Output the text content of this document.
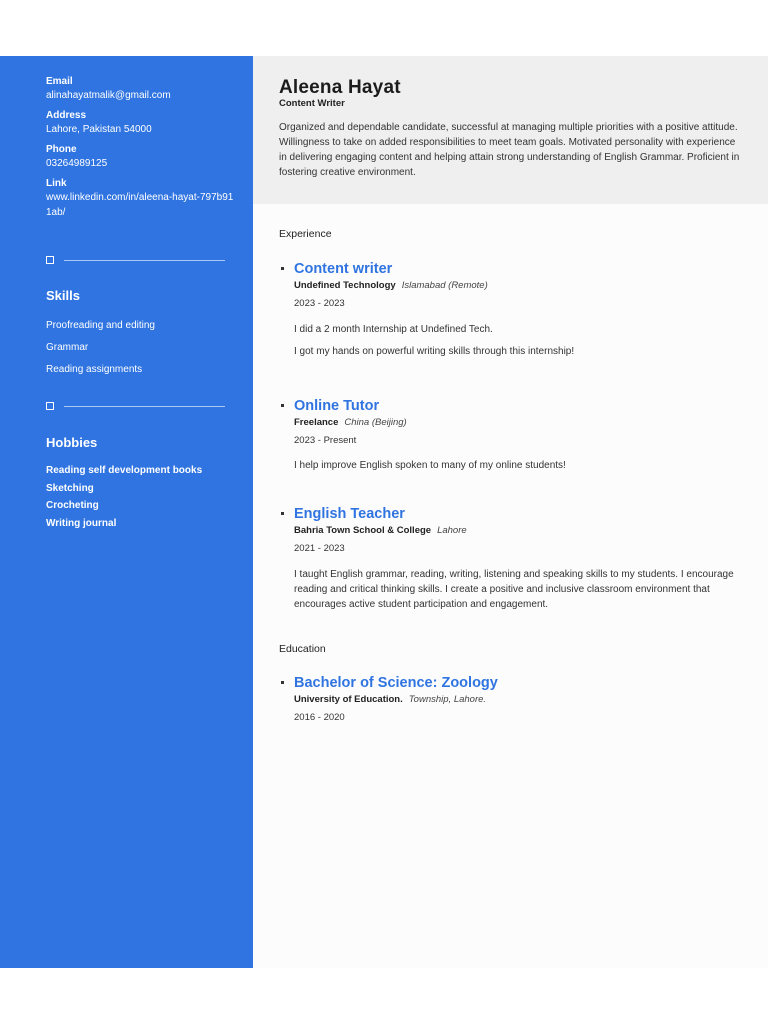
Email
alinahayatmalik@gmail.com
Address
Lahore, Pakistan 54000
Phone
03264989125
Link
www.linkedin.com/in/aleena-hayat-797b911ab/
Skills
Proofreading and editing
Grammar
Reading assignments
Hobbies
Reading self development books
Sketching
Crocheting
Writing journal
Aleena Hayat
Content Writer
Organized and dependable candidate, successful at managing multiple priorities with a positive attitude. Willingness to take on added responsibilities to meet team goals. Motivated personality with experience in delivering engaging content and helping attain strong understanding of English Grammar. Proficient in fostering creative environment.
Experience
Content writer
Undefined Technology Islamabad (Remote)
2023 - 2023

I did a 2 month Internship at Undefined Tech.

I got my hands on powerful writing skills through this internship!

Online Tutor
Freelance China (Beijing)
2023 - Present

I help improve English spoken to many of my online students!

English Teacher
Bahria Town School & College Lahore
2021 - 2023

I taught English grammar, reading, writing, listening and speaking skills to my students. I encourage reading and critical thinking skills. I create a positive and inclusive classroom environment that encourages active student participation and engagement.

Education
Bachelor of Science: Zoology
University of Education. Township, Lahore.
2016 - 2020
